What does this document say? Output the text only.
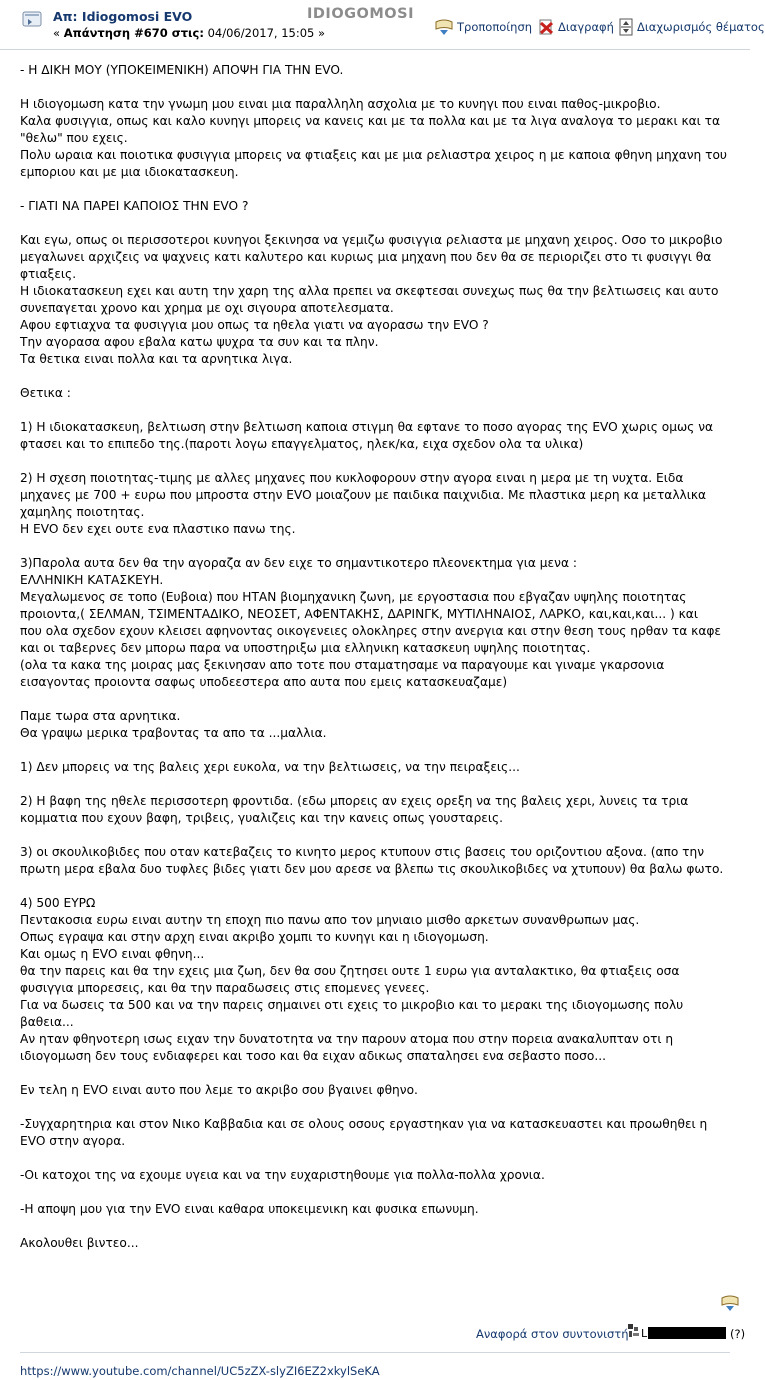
Απ: Idiogomosi EVO
« Απάντηση #670 στις: 04/06/2017, 15:05 »
IDIOGOMOSI
Τροποποίηση Διαγραφή Διαχωρισμός θέματος

- Η ΔΙΚΗ ΜΟΥ (ΥΠΟΚΕΙΜΕΝΙΚΗ) ΑΠΟΨΗ ΓΙΑ ΤΗΝ EVO.

Η ιδιογομωση κατα την γνωμη μου ειναι μια παραλληλη ασχολια με το κυνηγι που ειναι παθος-μικροβιο.

Καλα φυσιγγια, οπως και καλο κυνηγι μπορεις να κανεις και με τα πολλα και με τα λιγα αναλογα το μερακι και τα

"θελω" που εχεις.

Πολυ ωραια και ποιοτικα φυσιγγια μπορεις να φτιαξεις και με μια ρελιαστρα χειρος η με καποια φθηνη μηχανη του

εμποριου και με μια ιδιοκατασκευη.

- ΓΙΑΤΙ ΝΑ ΠΑΡΕΙ ΚΑΠΟΙΟΣ ΤΗΝ EVO ?

Και εγω, οπως οι περισσοτεροι κυνηγοι ξεκινησα να γεμιζω φυσιγγια ρελιαστα με μηχανη χειρος. Οσο το μικροβιο

μεγαλωνει αρχιζεις να ψαχνεις κατι καλυτερο και κυριως μια μηχανη που δεν θα σε περιοριζει στο τι φυσιγγι θα

φτιαξεις.

Η ιδιοκατασκευη εχει και αυτη την χαρη της αλλα πρεπει να σκεφτεσαι συνεχως πως θα την βελτιωσεις και αυτο

συνεπαγεται χρονο και χρημα με οχι σιγουρα αποτελεσματα.

Αφου εφτιαχνα τα φυσιγγια μου οπως τα ηθελα γιατι να αγορασω την EVO ?

Την αγορασα αφου εβαλα κατω ψυχρα τα συν και τα πλην.

Τα θετικα ειναι πολλα και τα αρνητικα λιγα.

Θετικα :

1) Η ιδιοκατασκευη, βελτιωση στην βελτιωση καποια στιγμη θα εφτανε το ποσο αγορας της EVO χωρις ομως να

φτασει και το επιπεδο της.(παροτι λογω επαγγελματος, ηλεκ/κα, ειχα σχεδον ολα τα υλικα)

2) Η σχεση ποιοτητας-τιμης με αλλες μηχανες που κυκλοφορουν στην αγορα ειναι η μερα με τη νυχτα. Ειδα

μηχανες με 700 + ευρω που μπροστα στην EVO μοιαζουν με παιδικα παιχνιδια. Με πλαστικα μερη κα μεταλλικα

χαμηλης ποιοτητας.

Η EVO δεν εχει ουτε ενα πλαστικο πανω της.

3)Παρολα αυτα δεν θα την αγοραζα αν δεν ειχε το σημαντικοτερο πλεονεκτημα για μενα :

ΕΛΛΗΝΙΚΗ ΚΑΤΑΣΚΕΥΗ.

Μεγαλωμενος σε τοπο (Ευβοια) που ΗΤΑΝ βιομηχανικη ζωνη, με εργοστασια που εβγαζαν υψηλης ποιοτητας

προιοντα,( ΣΕΛΜΑΝ, ΤΣΙΜΕΝΤΑΔΙΚΟ, ΝΕΟΣΕΤ, ΑΦΕΝΤΑΚΗΣ, ΔΑΡΙΝΓΚ, ΜΥΤΙΛΗΝΑΙΟΣ, ΛΑΡΚΟ, και,και,και... ) και

που ολα σχεδον εχουν κλεισει αφηνοντας οικογενειες ολοκληρες στην ανεργια και στην θεση τους ηρθαν τα καφε

και οι ταβερνες δεν μπορω παρα να υποστηριξω μια ελληνικη κατασκευη υψηλης ποιοτητας.

(ολα τα κακα της μοιρας μας ξεκινησαν απο τοτε που σταματησαμε να παραγουμε και γιναμε γκαρσονια

εισαγοντας προιοντα σαφως υποδεεστερα απο αυτα που εμεις κατασκευαζαμε)

Παμε τωρα στα αρνητικα.

Θα γραψω μερικα τραβοντας τα απο τα ...μαλλια.

1) Δεν μπορεις να της βαλεις χερι ευκολα, να την βελτιωσεις, να την πειραξεις...

2) Η βαφη της ηθελε περισσοτερη φροντιδα. (εδω μπορεις αν εχεις ορεξη να της βαλεις χερι, λυνεις τα τρια

κομματια που εχουν βαφη, τριβεις, γυαλιζεις και την κανεις οπως γουσταρεις.

3) οι σκουλικοβιδες που οταν κατεβαζεις το κινητο μερος κτυπουν στις βασεις του οριζοντιου αξονα. (απο την

πρωτη μερα εβαλα δυο τυφλες βιδες γιατι δεν μου αρεσε να βλεπω τις σκουλικοβιδες να χτυπουν) θα βαλω φωτο.

4) 500 ΕΥΡΩ

Πεντακοσια ευρω ειναι αυτην τη εποχη πιο πανω απο τον μηνιαιο μισθο αρκετων συνανθρωπων μας.

Οπως εγραψα και στην αρχη ειναι ακριβο χομπι το κυνηγι και η ιδιογομωση.

Και ομως η EVO ειναι φθηνη...

θα την παρεις και θα την εχεις μια ζωη, δεν θα σου ζητησει ουτε 1 ευρω για ανταλακτικο, θα φτιαξεις οσα

φυσιγγια μπορεσεις, και θα την παραδωσεις στις επομενες γενεες.

Για να δωσεις τα 500 και να την παρεις σημαινει οτι εχεις το μικροβιο και το μερακι της ιδιογομωσης πολυ

βαθεια...

Αν ηταν φθηνοτερη ισως ειχαν την δυνατοτητα να την παρουν ατομα που στην πορεια ανακαλυπταν οτι η

ιδιογομωση δεν τους ενδιαφερει και τοσο και θα ειχαν αδικως σπαταλησει ενα σεβαστο ποσο...

Εν τελη η EVO ειναι αυτο που λεμε το ακριβο σου βγαινει φθηνο.

-Συγχαρητηρια και στον Νικο Καββαδια και σε ολους οσους εργαστηκαν για να κατασκευαστει και προωθηθει η

EVO στην αγορα.

-Οι κατοχοι της να εχουμε υγεια και να την ευχαριστηθουμε για πολλα-πολλα χρονια.

-Η αποψη μου για την EVO ειναι καθαρα υποκειμενικη και φυσικα επωνυμη.

Ακολουθει βιντεο...

Αναφορά στον συντονιστή L	(?)
https://www.youtube.com/channel/UC5zZX-slyZI6EZ2xkylSeKA
